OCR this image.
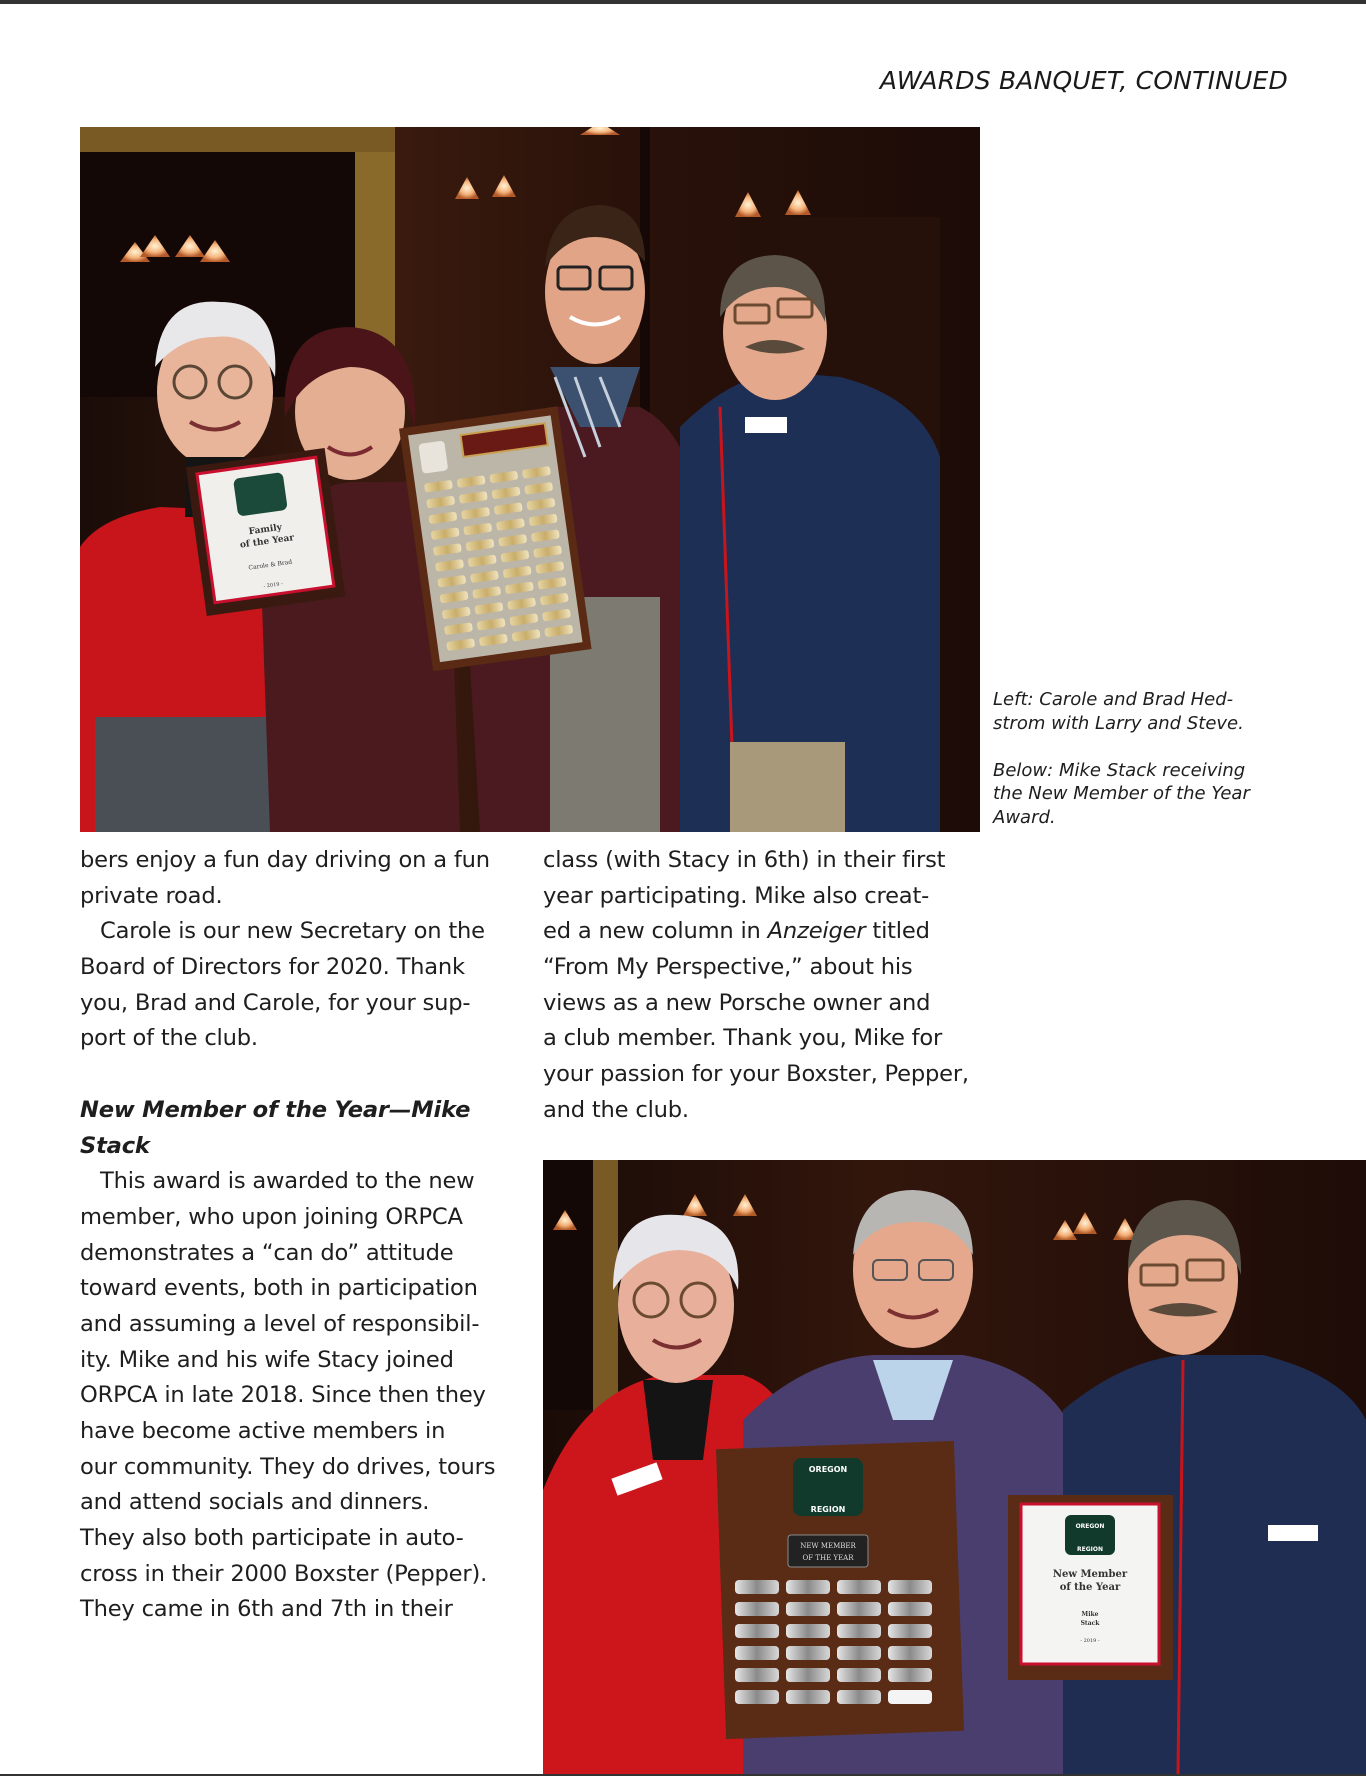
AWARDS BANQUET, CONTINUED
Family
of the Year
Carole & Brad
- 2019 -

Left: Carole and Brad Hed-
strom with Larry and Steve.

Below: Mike Stack receiving
the New Member of the Year
Award.

bers enjoy a fun day driving on a fun
private road.
Carole is our new Secretary on the
Board of Directors for 2020. Thank
you, Brad and Carole, for your sup-
port of the club.
New Member of the Year—Mike
Stack
This award is awarded to the new
member, who upon joining ORPCA
demonstrates a “can do” attitude
toward events, both in participation
and assuming a level of responsibil-
ity. Mike and his wife Stacy joined
ORPCA in late 2018. Since then they
have become active members in
our community. They do drives, tours
and attend socials and dinners.
They also both participate in auto-
cross in their 2000 Boxster (Pepper).
They came in 6th and 7th in their
class (with Stacy in 6th) in their first
year participating. Mike also creat-
ed a new column in Anzeiger titled
“From My Perspective,” about his
views as a new Porsche owner and
a club member. Thank you, Mike for
your passion for your Boxster, Pepper,
and the club.
OREGON
REGION
NEW MEMBER
OF THE YEAR
OREGON
REGION
New Member
of the Year
Mike
Stack
- 2019 -
